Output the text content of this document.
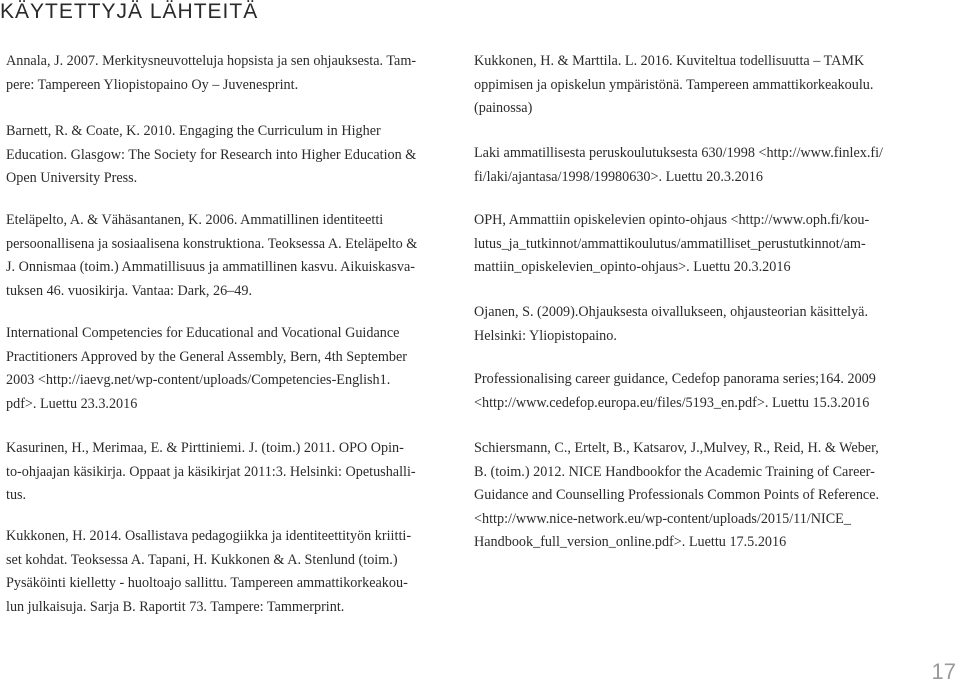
KÄYTETTYJÄ LÄHTEITÄ
Annala, J. 2007. Merkitysneuvotteluja hopsista ja sen ohjauksesta. Tam-
pere: Tampereen Yliopistopaino Oy – Juvenesprint.
Barnett, R. & Coate, K. 2010. Engaging the Curriculum in Higher
Education. Glasgow: The Society for Research into Higher Education &
Open University Press.
Eteläpelto, A. & Vähäsantanen, K. 2006. Ammatillinen identiteetti
persoonallisena ja sosiaalisena konstruktiona. Teoksessa A. Eteläpelto &
J. Onnismaa (toim.) Ammatillisuus ja ammatillinen kasvu. Aikuiskasva-
tuksen 46. vuosikirja. Vantaa: Dark, 26–49.
International Competencies for Educational and Vocational Guidance
Practitioners Approved by the General Assembly, Bern, 4th September
2003 <http://iaevg.net/wp-content/uploads/Competencies-English1.
pdf>. Luettu 23.3.2016
Kasurinen, H., Merimaa, E. & Pirttiniemi. J. (toim.) 2011. OPO Opin-
to-ohjaajan käsikirja. Oppaat ja käsikirjat 2011:3. Helsinki: Opetushalli-
tus.
Kukkonen, H. 2014. Osallistava pedagogiikka ja identiteettityön kriitti-
set kohdat. Teoksessa A. Tapani, H. Kukkonen & A. Stenlund (toim.)
Pysäköinti kielletty - huoltoajo sallittu. Tampereen ammattikorkeakou-
lun julkaisuja. Sarja B. Raportit 73. Tampere: Tammerprint.
Kukkonen, H. & Marttila. L. 2016. Kuviteltua todellisuutta – TAMK
oppimisen ja opiskelun ympäristönä. Tampereen ammattikorkeakoulu.
(painossa)
Laki ammatillisesta peruskoulutuksesta 630/1998 <http://www.finlex.fi/
fi/laki/ajantasa/1998/19980630>. Luettu 20.3.2016
OPH, Ammattiin opiskelevien opinto-ohjaus <http://www.oph.fi/kou-
lutus_ja_tutkinnot/ammattikoulutus/ammatilliset_perustutkinnot/am-
mattiin_opiskelevien_opinto-ohjaus>. Luettu 20.3.2016
Ojanen, S. (2009).Ohjauksesta oivallukseen, ohjausteorian käsittelyä.
Helsinki: Yliopistopaino.
Professionalising career guidance, Cedefop panorama series;164. 2009
<http://www.cedefop.europa.eu/files/5193_en.pdf>. Luettu 15.3.2016
Schiersmann, C., Ertelt, B., Katsarov, J.,Mulvey, R., Reid, H. & Weber,
B. (toim.) 2012. NICE Handbookfor the Academic Training of Career-
Guidance and Counselling Professionals Common Points of Reference.
<http://www.nice-network.eu/wp-content/uploads/2015/11/NICE_
Handbook_full_version_online.pdf>. Luettu 17.5.2016
17
